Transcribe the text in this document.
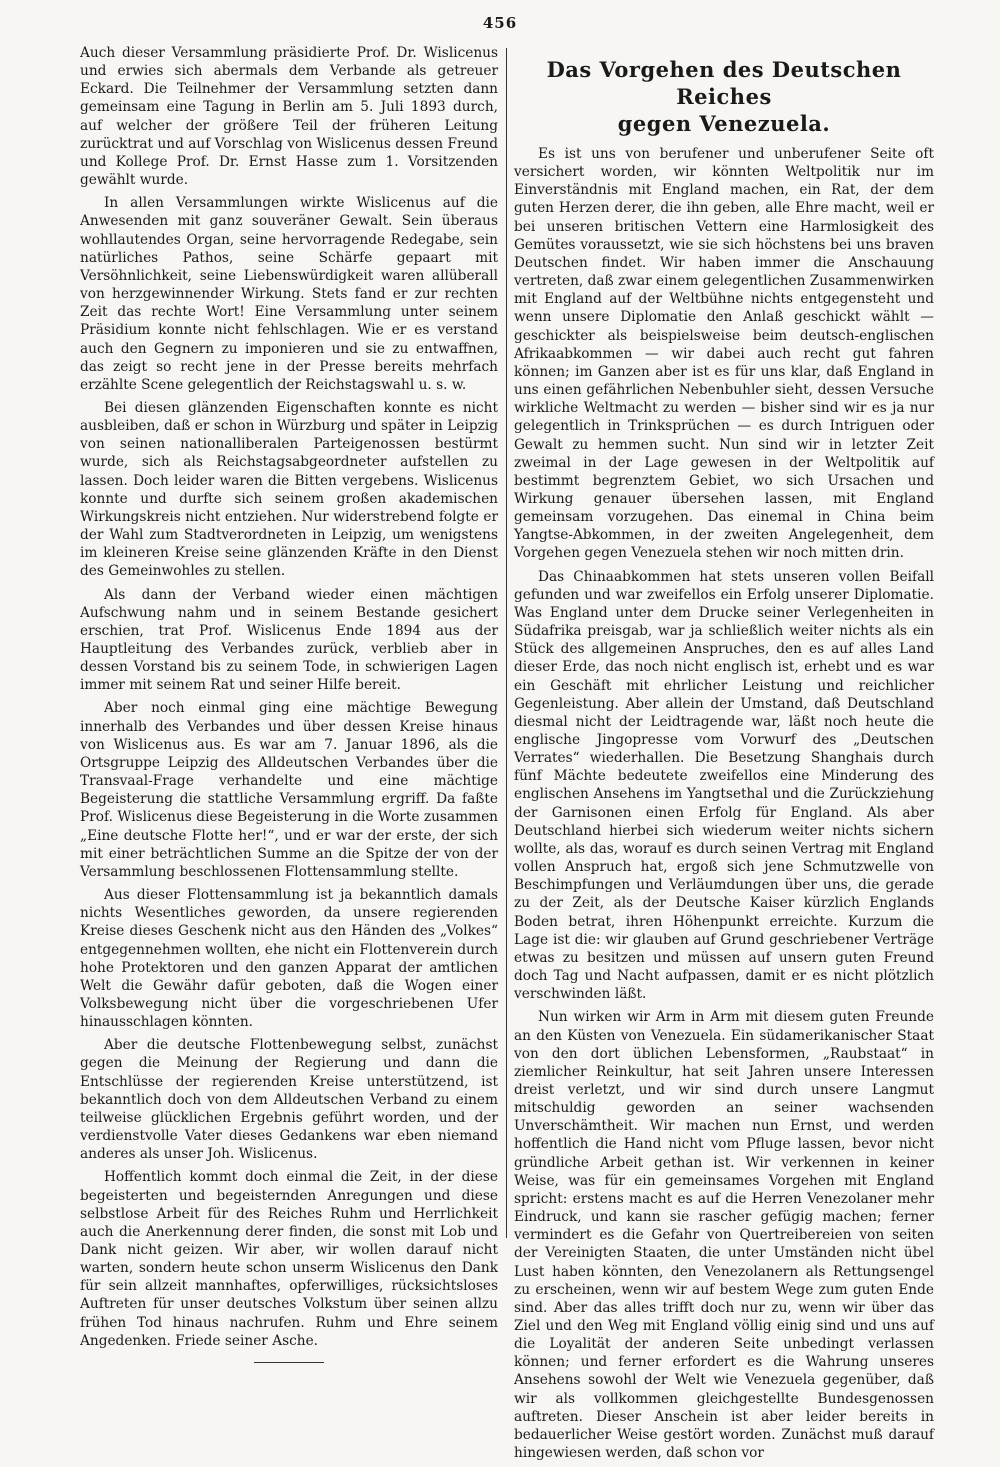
456

Auch dieser Versammlung präsidierte Prof. Dr. Wislicenus und erwies sich abermals dem Verbande als getreuer Eckard. Die Teilnehmer der Versammlung setzten dann gemeinsam eine Tagung in Berlin am 5. Juli 1893 durch, auf welcher der größere Teil der früheren Leitung zurücktrat und auf Vorschlag von Wislicenus dessen Freund und Kollege Prof. Dr. Ernst Hasse zum 1. Vorsitzenden gewählt wurde.

In allen Versammlungen wirkte Wislicenus auf die Anwesenden mit ganz souveräner Gewalt. Sein überaus wohllautendes Organ, seine hervorragende Redegabe, sein natürliches Pathos, seine Schärfe gepaart mit Versöhnlichkeit, seine Liebenswürdigkeit waren allüberall von herzgewinnender Wirkung. Stets fand er zur rechten Zeit das rechte Wort! Eine Versammlung unter seinem Präsidium konnte nicht fehlschlagen. Wie er es verstand auch den Gegnern zu imponieren und sie zu entwaffnen, das zeigt so recht jene in der Presse bereits mehrfach erzählte Scene gelegentlich der Reichstagswahl u. s. w.

Bei diesen glänzenden Eigenschaften konnte es nicht ausbleiben, daß er schon in Würzburg und später in Leipzig von seinen nationalliberalen Parteigenossen bestürmt wurde, sich als Reichstagsabgeordneter aufstellen zu lassen. Doch leider waren die Bitten vergebens. Wislicenus konnte und durfte sich seinem großen akademischen Wirkungskreis nicht entziehen. Nur widerstrebend folgte er der Wahl zum Stadtverordneten in Leipzig, um wenigstens im kleineren Kreise seine glänzenden Kräfte in den Dienst des Gemeinwohles zu stellen.

Als dann der Verband wieder einen mächtigen Aufschwung nahm und in seinem Bestande gesichert erschien, trat Prof. Wislicenus Ende 1894 aus der Hauptleitung des Verbandes zurück, verblieb aber in dessen Vorstand bis zu seinem Tode, in schwierigen Lagen immer mit seinem Rat und seiner Hilfe bereit.

Aber noch einmal ging eine mächtige Bewegung innerhalb des Verbandes und über dessen Kreise hinaus von Wislicenus aus. Es war am 7. Januar 1896, als die Ortsgruppe Leipzig des Alldeutschen Verbandes über die Transvaal-Frage verhandelte und eine mächtige Begeisterung die stattliche Versammlung ergriff. Da faßte Prof. Wislicenus diese Begeisterung in die Worte zusammen „Eine deutsche Flotte her!“, und er war der erste, der sich mit einer beträchtlichen Summe an die Spitze der von der Versammlung beschlossenen Flottensammlung stellte.

Aus dieser Flottensammlung ist ja bekanntlich damals nichts Wesentliches geworden, da unsere regierenden Kreise dieses Geschenk nicht aus den Händen des „Volkes“ entgegennehmen wollten, ehe nicht ein Flottenverein durch hohe Protektoren und den ganzen Apparat der amtlichen Welt die Gewähr dafür geboten, daß die Wogen einer Volksbewegung nicht über die vorgeschriebenen Ufer hinausschlagen könnten.

Aber die deutsche Flottenbewegung selbst, zunächst gegen die Meinung der Regierung und dann die Entschlüsse der regierenden Kreise unterstützend, ist bekanntlich doch von dem Alldeutschen Verband zu einem teilweise glücklichen Ergebnis geführt worden, und der verdienstvolle Vater dieses Gedankens war eben niemand anderes als unser Joh. Wislicenus.

Hoffentlich kommt doch einmal die Zeit, in der diese begeisterten und begeisternden Anregungen und diese selbstlose Arbeit für des Reiches Ruhm und Herrlichkeit auch die Anerkennung derer finden, die sonst mit Lob und Dank nicht geizen. Wir aber, wir wollen darauf nicht warten, sondern heute schon unserm Wislicenus den Dank für sein allzeit mannhaftes, opferwilliges, rücksichtsloses Auftreten für unser deutsches Volkstum über seinen allzu frühen Tod hinaus nachrufen. Ruhm und Ehre seinem Angedenken. Friede seiner Asche.

Das Vorgehen des Deutschen Reiches
gegen Venezuela.

Es ist uns von berufener und unberufener Seite oft versichert worden, wir könnten Weltpolitik nur im Einverständnis mit England machen, ein Rat, der dem guten Herzen derer, die ihn geben, alle Ehre macht, weil er bei unseren britischen Vettern eine Harmlosigkeit des Gemütes voraussetzt, wie sie sich höchstens bei uns braven Deutschen findet. Wir haben immer die Anschauung vertreten, daß zwar einem gelegentlichen Zusammenwirken mit England auf der Weltbühne nichts entgegensteht und wenn unsere Diplomatie den Anlaß geschickt wählt — geschickter als beispielsweise beim deutsch-englischen Afrikaabkommen — wir dabei auch recht gut fahren können; im Ganzen aber ist es für uns klar, daß England in uns einen gefährlichen Nebenbuhler sieht, dessen Versuche wirkliche Weltmacht zu werden — bisher sind wir es ja nur gelegentlich in Trinksprüchen — es durch Intriguen oder Gewalt zu hemmen sucht. Nun sind wir in letzter Zeit zweimal in der Lage gewesen in der Weltpolitik auf bestimmt begrenztem Gebiet, wo sich Ursachen und Wirkung genauer übersehen lassen, mit England gemeinsam vorzugehen. Das einemal in China beim Yangtse-Abkommen, in der zweiten Angelegenheit, dem Vorgehen gegen Venezuela stehen wir noch mitten drin.

Das Chinaabkommen hat stets unseren vollen Beifall gefunden und war zweifellos ein Erfolg unserer Diplomatie. Was England unter dem Drucke seiner Verlegenheiten in Südafrika preisgab, war ja schließlich weiter nichts als ein Stück des allgemeinen Anspruches, den es auf alles Land dieser Erde, das noch nicht englisch ist, erhebt und es war ein Geschäft mit ehrlicher Leistung und reichlicher Gegenleistung. Aber allein der Umstand, daß Deutschland diesmal nicht der Leidtragende war, läßt noch heute die englische Jingopresse vom Vorwurf des „Deutschen Verrates“ wiederhallen. Die Besetzung Shanghais durch fünf Mächte bedeutete zweifellos eine Minderung des englischen Ansehens im Yangtsethal und die Zurückziehung der Garnisonen einen Erfolg für England. Als aber Deutschland hierbei sich wiederum weiter nichts sichern wollte, als das, worauf es durch seinen Vertrag mit England vollen Anspruch hat, ergoß sich jene Schmutzwelle von Beschimpfungen und Verläumdungen über uns, die gerade zu der Zeit, als der Deutsche Kaiser kürzlich Englands Boden betrat, ihren Höhenpunkt erreichte. Kurzum die Lage ist die: wir glauben auf Grund geschriebener Verträge etwas zu besitzen und müssen auf unsern guten Freund doch Tag und Nacht aufpassen, damit er es nicht plötzlich verschwinden läßt.

Nun wirken wir Arm in Arm mit diesem guten Freunde an den Küsten von Venezuela. Ein südamerikanischer Staat von den dort üblichen Lebensformen, „Raubstaat“ in ziemlicher Reinkultur, hat seit Jahren unsere Interessen dreist verletzt, und wir sind durch unsere Langmut mitschuldig geworden an seiner wachsenden Unverschämtheit. Wir machen nun Ernst, und werden hoffentlich die Hand nicht vom Pfluge lassen, bevor nicht gründliche Arbeit gethan ist. Wir verkennen in keiner Weise, was für ein gemeinsames Vorgehen mit England spricht: erstens macht es auf die Herren Venezolaner mehr Eindruck, und kann sie rascher gefügig machen; ferner vermindert es die Gefahr von Quertreibereien von seiten der Vereinigten Staaten, die unter Umständen nicht übel Lust haben könnten, den Venezolanern als Rettungsengel zu erscheinen, wenn wir auf bestem Wege zum guten Ende sind. Aber das alles trifft doch nur zu, wenn wir über das Ziel und den Weg mit England völlig einig sind und uns auf die Loyalität der anderen Seite unbedingt verlassen können; und ferner erfordert es die Wahrung unseres Ansehens sowohl der Welt wie Venezuela gegenüber, daß wir als vollkommen gleichgestellte Bundesgenossen auftreten. Dieser Anschein ist aber leider bereits in bedauerlicher Weise gestört worden. Zunächst muß darauf hingewiesen werden, daß schon vor
